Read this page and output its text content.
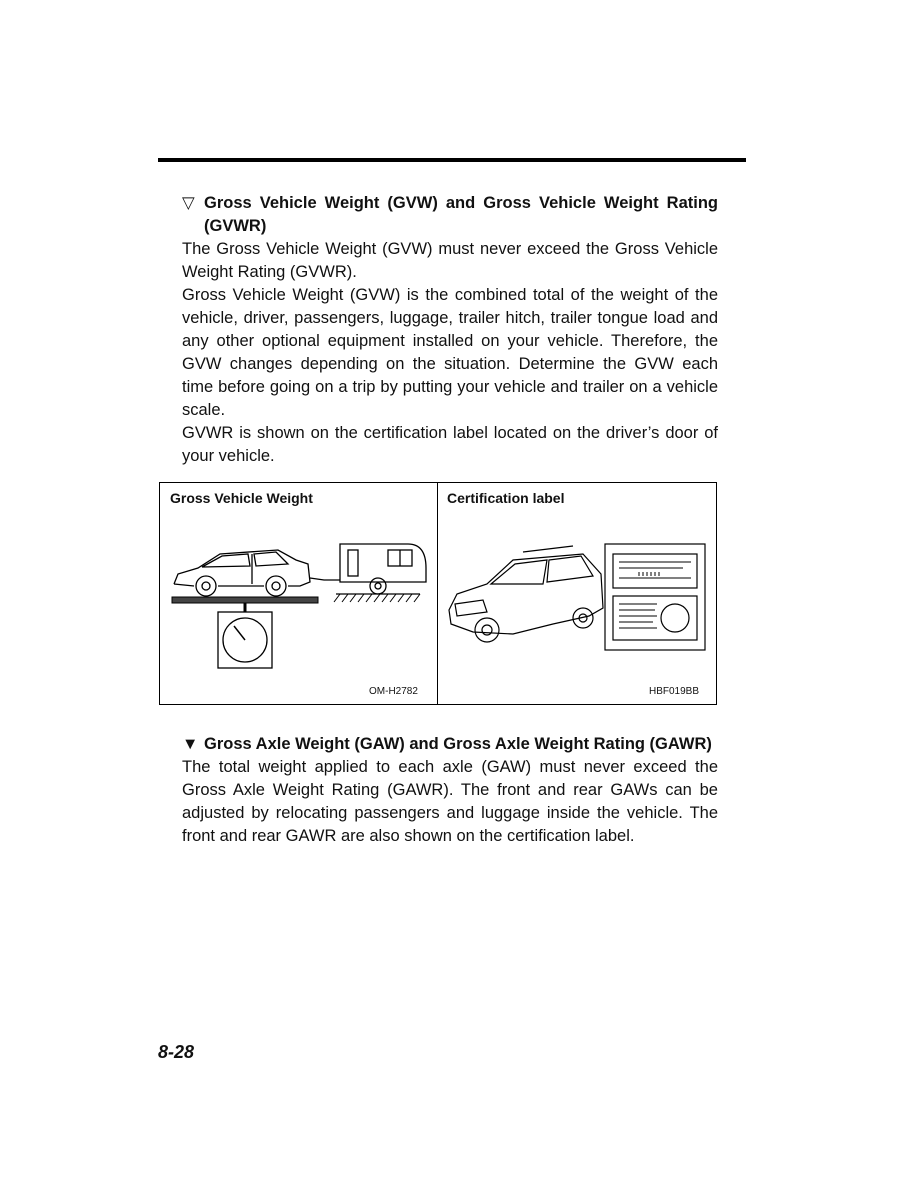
▽ Gross Vehicle Weight (GVW) and Gross Vehicle Weight Rating (GVWR)

The Gross Vehicle Weight (GVW) must never exceed the Gross Vehicle Weight Rating (GVWR).

Gross Vehicle Weight (GVW) is the combined total of the weight of the vehicle, driver, passengers, luggage, trailer hitch, trailer tongue load and any other optional equipment installed on your vehicle. Therefore, the GVW changes depending on the situation. Determine the GVW each time before going on a trip by putting your vehicle and trailer on a vehicle scale.

GVWR is shown on the certification label located on the driver’s door of your vehicle.

Gross Vehicle Weight	Certification label
OM-H2782	HBF019BB
▼ Gross Axle Weight (GAW) and Gross Axle Weight Rating (GAWR)

The total weight applied to each axle (GAW) must never exceed the Gross Axle Weight Rating (GAWR). The front and rear GAWs can be adjusted by relocating passengers and luggage inside the vehicle. The front and rear GAWR are also shown on the certification label.

8-28
